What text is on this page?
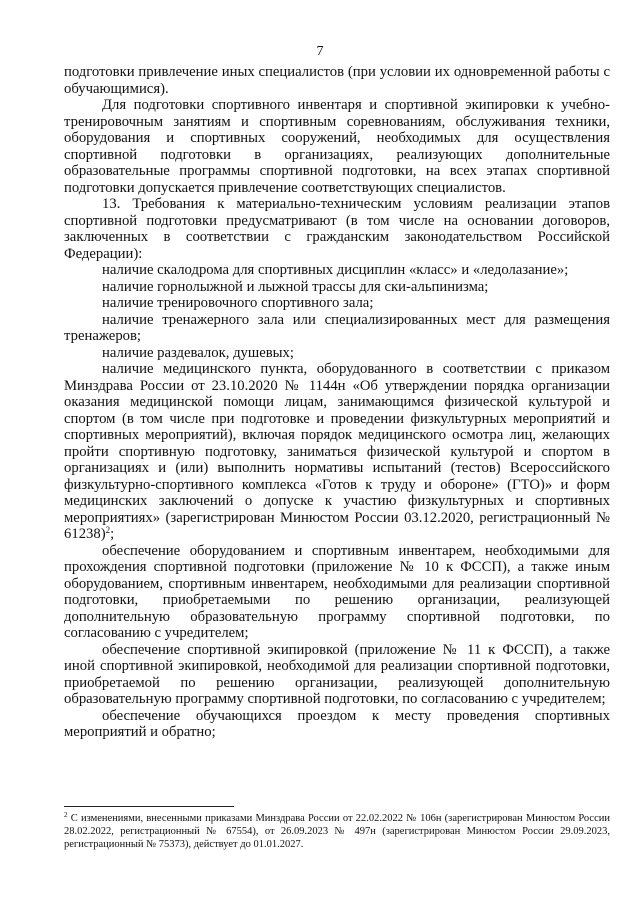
7

подготовки привлечение иных специалистов (при условии их одновременной работы с обучающимися).

Для подготовки спортивного инвентаря и спортивной экипировки к учебно-тренировочным занятиям и спортивным соревнованиям, обслуживания техники, оборудования и спортивных сооружений, необходимых для осуществления спортивной подготовки в организациях, реализующих дополнительные образовательные программы спортивной подготовки, на всех этапах спортивной подготовки допускается привлечение соответствующих специалистов.

13. Требования к материально-техническим условиям реализации этапов спортивной подготовки предусматривают (в том числе на основании договоров, заключенных в соответствии с гражданским законодательством Российской Федерации):

наличие скалодрома для спортивных дисциплин «класс» и «ледолазание»;

наличие горнолыжной и лыжной трассы для ски-альпинизма;

наличие тренировочного спортивного зала;

наличие тренажерного зала или специализированных мест для размещения тренажеров;

наличие раздевалок, душевых;

наличие медицинского пункта, оборудованного в соответствии с приказом Минздрава России от 23.10.2020 № 1144н «Об утверждении порядка организации оказания медицинской помощи лицам, занимающимся физической культурой и спортом (в том числе при подготовке и проведении физкультурных мероприятий и спортивных мероприятий), включая порядок медицинского осмотра лиц, желающих пройти спортивную подготовку, заниматься физической культурой и спортом в организациях и (или) выполнить нормативы испытаний (тестов) Всероссийского физкультурно-спортивного комплекса «Готов к труду и обороне» (ГТО)» и форм медицинских заключений о допуске к участию физкультурных и спортивных мероприятиях» (зарегистрирован Минюстом России 03.12.2020, регистрационный № 61238)$^2$;

обеспечение оборудованием и спортивным инвентарем, необходимыми для прохождения спортивной подготовки (приложение № 10 к ФССП), а также иным оборудованием, спортивным инвентарем, необходимыми для реализации спортивной подготовки, приобретаемыми по решению организации, реализующей дополнительную образовательную программу спортивной подготовки, по согласованию с учредителем;

обеспечение спортивной экипировкой (приложение № 11 к ФССП), а также иной спортивной экипировкой, необходимой для реализации спортивной подготовки, приобретаемой по решению организации, реализующей дополнительную образовательную программу спортивной подготовки, по согласованию с учредителем;

обеспечение обучающихся проездом к месту проведения спортивных мероприятий и обратно;

$^2$ С изменениями, внесенными приказами Минздрава России от 22.02.2022 № 106н (зарегистрирован Минюстом России 28.02.2022, регистрационный № 67554), от 26.09.2023 № 497н (зарегистрирован Минюстом России 29.09.2023, регистрационный № 75373), действует до 01.01.2027.
